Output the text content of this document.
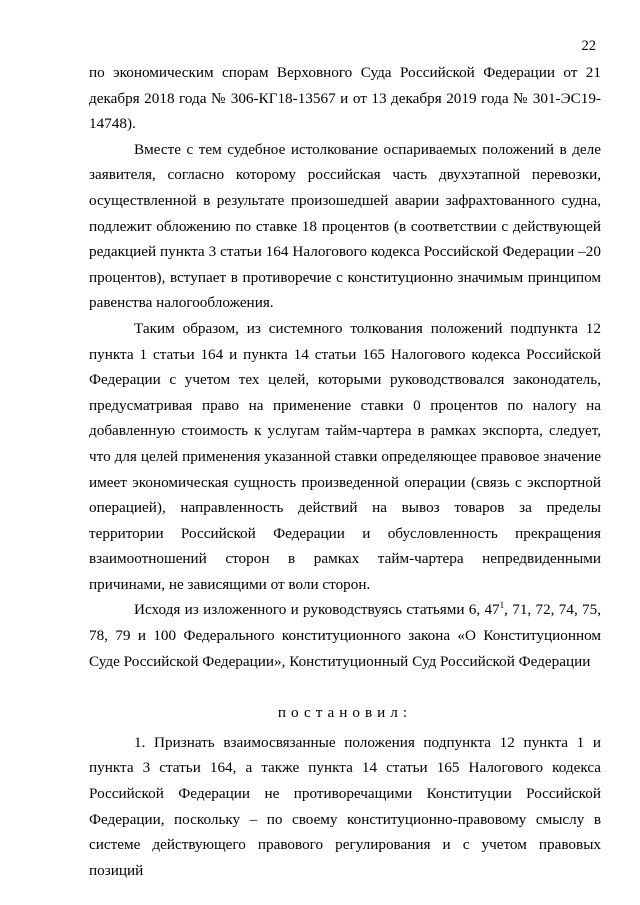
22

по экономическим спорам Верховного Суда Российской Федерации от 21 декабря 2018 года № 306-КГ18-13567 и от 13 декабря 2019 года № 301-ЭС19-14748).

Вместе с тем судебное истолкование оспариваемых положений в деле заявителя, согласно которому российская часть двухэтапной перевозки, осуществленной в результате произошедшей аварии зафрахтованного судна, подлежит обложению по ставке 18 процентов (в соответствии с действующей редакцией пункта 3 статьи 164 Налогового кодекса Российской Федерации –20 процентов), вступает в противоречие с конституционно значимым принципом равенства налогообложения.

Таким образом, из системного толкования положений подпункта 12 пункта 1 статьи 164 и пункта 14 статьи 165 Налогового кодекса Российской Федерации с учетом тех целей, которыми руководствовался законодатель, предусматривая право на применение ставки 0 процентов по налогу на добавленную стоимость к услугам тайм-чартера в рамках экспорта, следует, что для целей применения указанной ставки определяющее правовое значение имеет экономическая сущность произведенной операции (связь с экспортной операцией), направленность действий на вывоз товаров за пределы территории Российской Федерации и обусловленность прекращения взаимоотношений сторон в рамках тайм-чартера непредвиденными причинами, не зависящими от воли сторон.

Исходя из изложенного и руководствуясь статьями 6, $47^1$, 71, 72, 74, 75, 78, 79 и 100 Федерального конституционного закона «О Конституционном Суде Российской Федерации», Конституционный Суд Российской Федерации

постановил:

1. Признать взаимосвязанные положения подпункта 12 пункта 1 и пункта 3 статьи 164, а также пункта 14 статьи 165 Налогового кодекса Российской Федерации не противоречащими Конституции Российской Федерации, поскольку – по своему конституционно-правовому смыслу в системе действующего правового регулирования и с учетом правовых позиций
